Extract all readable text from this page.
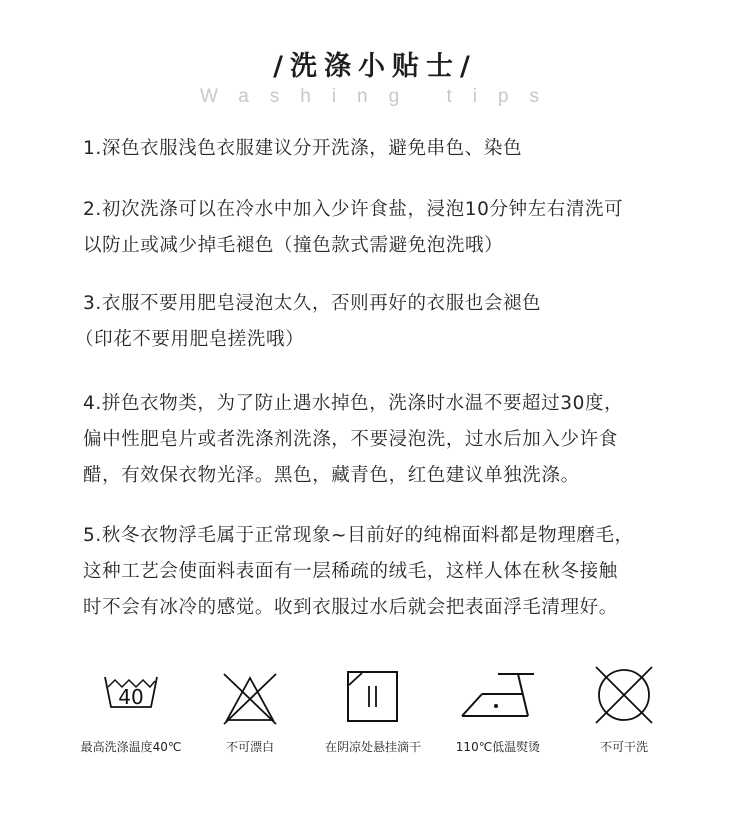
/洗涤小贴士/
Washing tips
1.深色衣服浅色衣服建议分开洗涤，避免串色、染色
2.初次洗涤可以在冷水中加入少许食盐，浸泡10分钟左右清洗可
以防止或减少掉毛褪色（撞色款式需避免泡洗哦）
3.衣服不要用肥皂浸泡太久，否则再好的衣服也会褪色
（印花不要用肥皂搓洗哦）
4.拼色衣物类，为了防止遇水掉色，洗涤时水温不要超过30度，
偏中性肥皂片或者洗涤剂洗涤，不要浸泡洗，过水后加入少许食
醋，有效保衣物光泽。黑色，藏青色，红色建议单独洗涤。
5.秋冬衣物浮毛属于正常现象~目前好的纯棉面料都是物理磨毛，
这种工艺会使面料表面有一层稀疏的绒毛，这样人体在秋冬接触
时不会有冰冷的感觉。收到衣服过水后就会把表面浮毛清理好。
40
最高洗涤温度40℃	不可漂白	在阴凉处悬挂滴干	110℃低温熨烫	不可干洗
